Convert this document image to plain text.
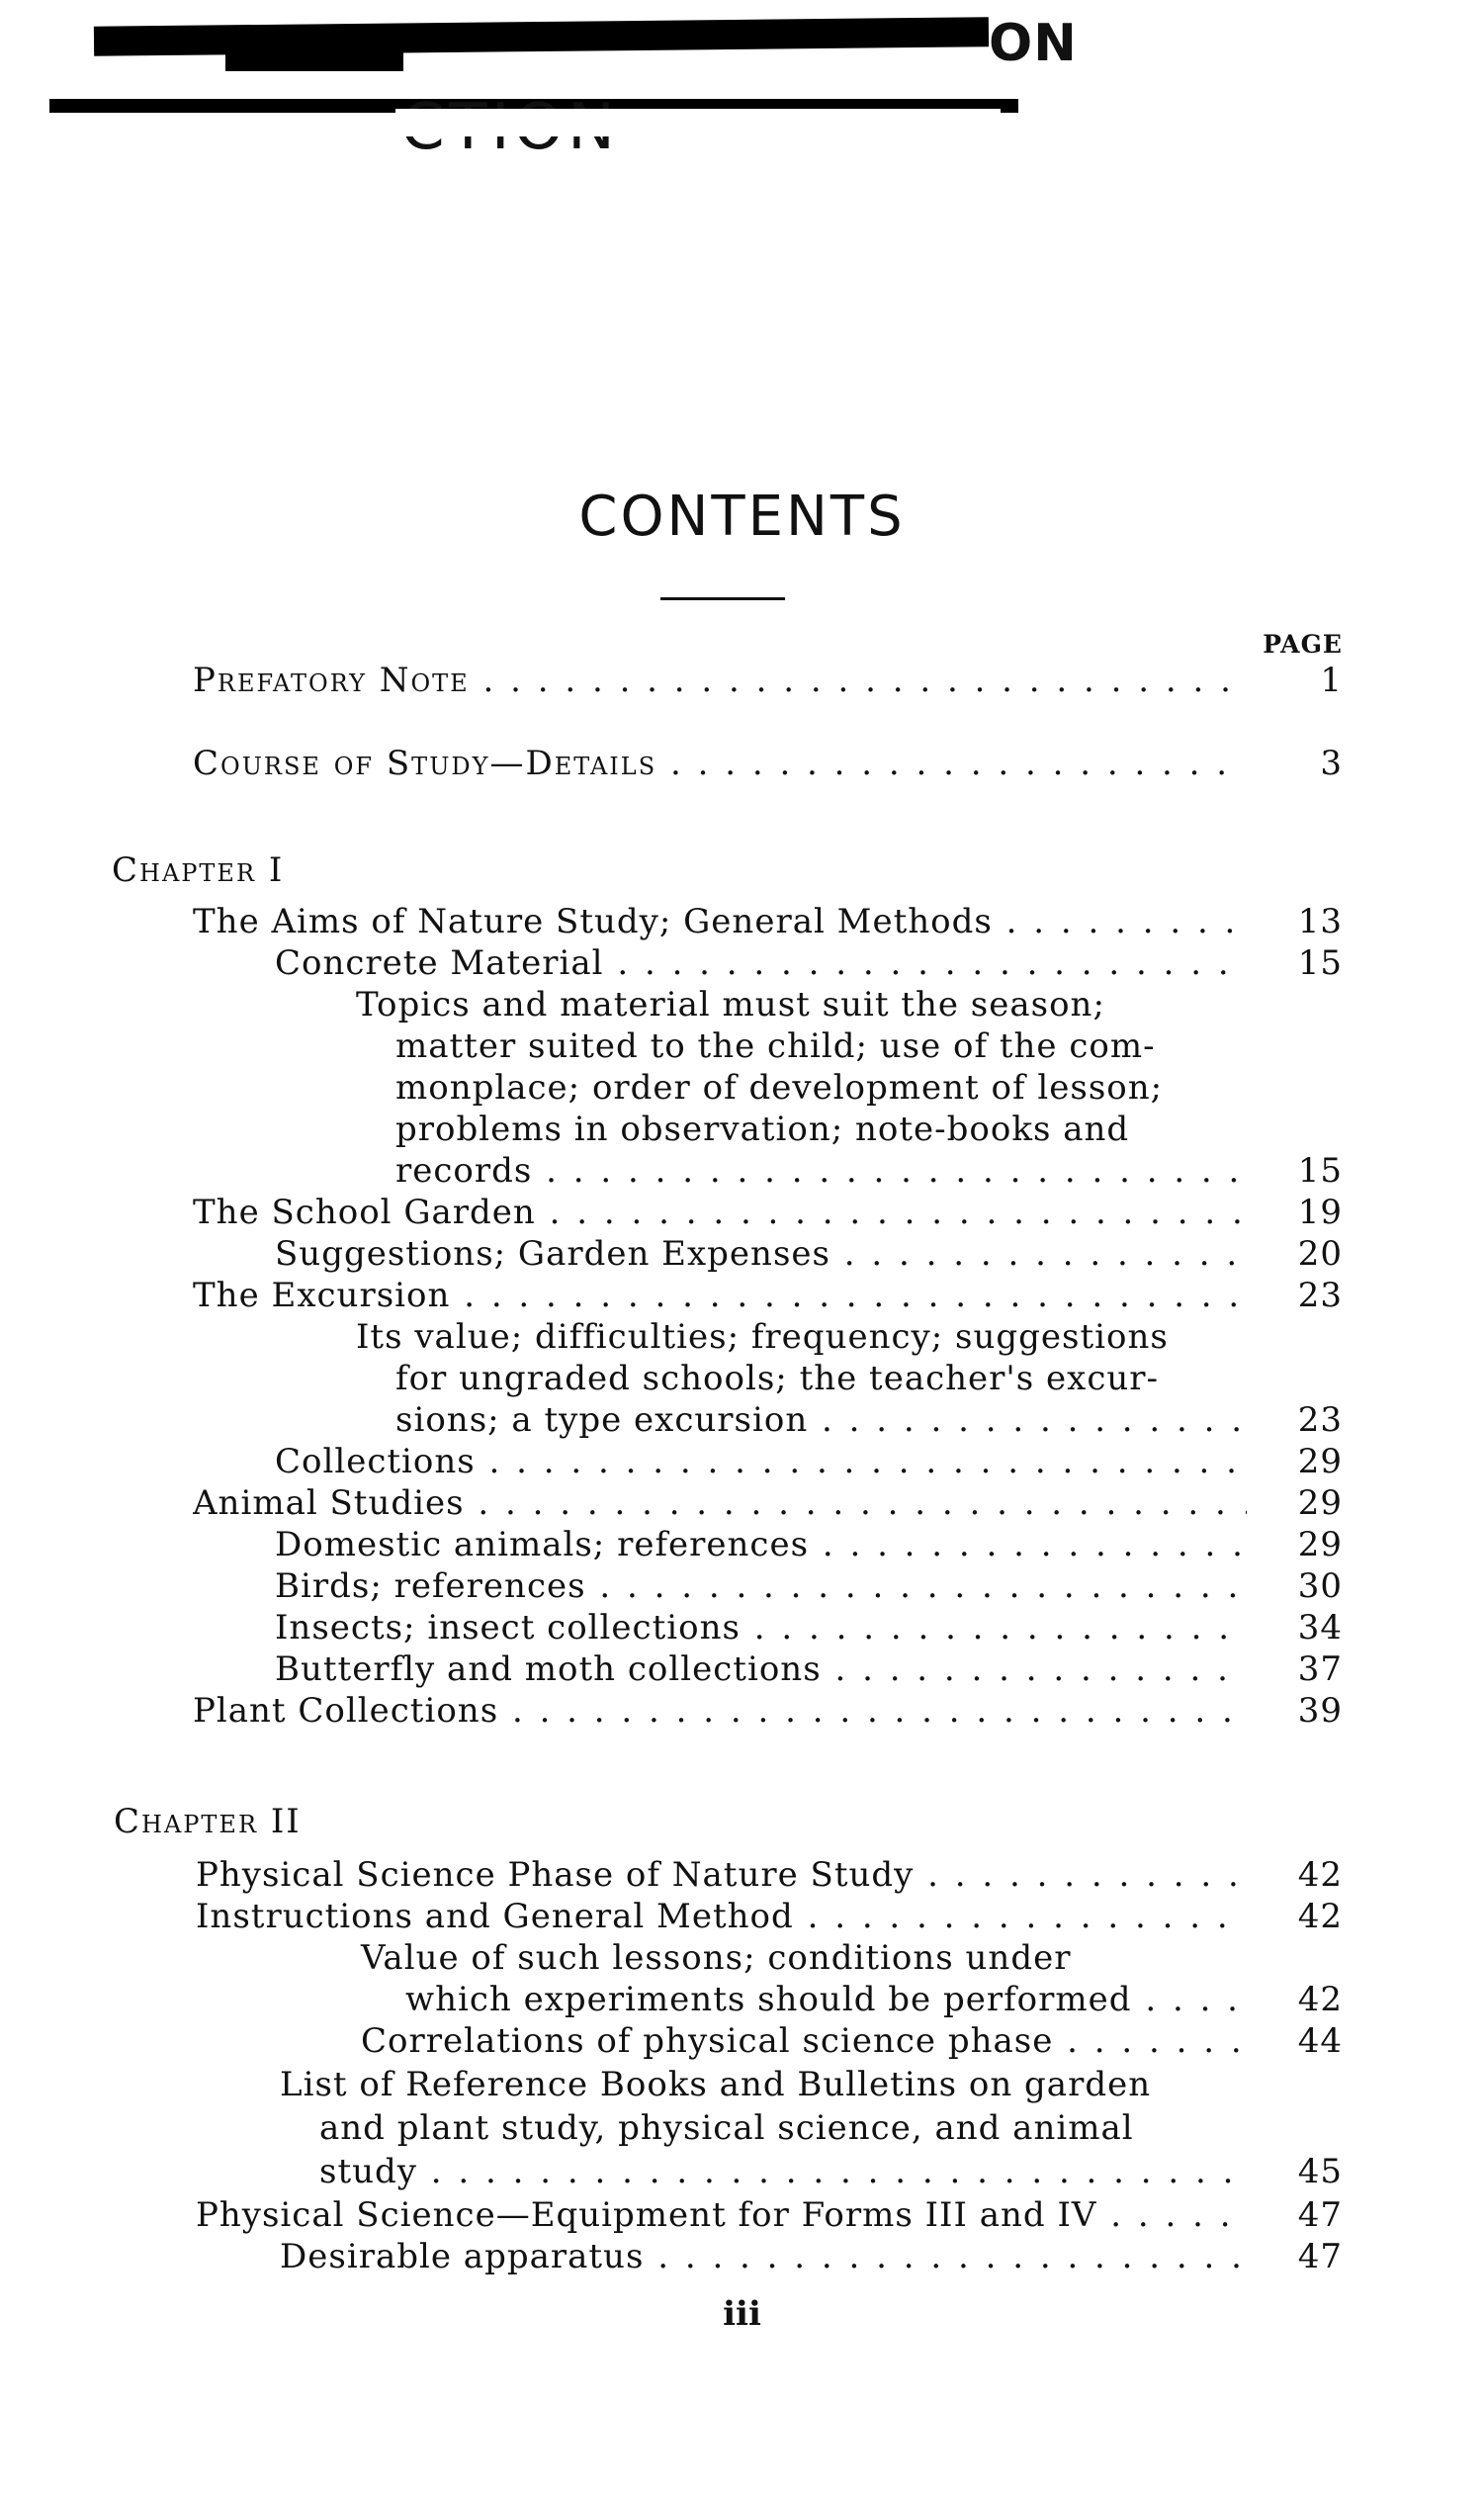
ON
CONTENTS
PAGE
Prefatory Note . . .	1
Course of Study—Details . . .	3
Chapter I
The Aims of Nature Study; General Methods . . .	13
Concrete Material . . .	15
Topics and material must suit the season;
matter suited to the child; use of the com-
monplace; order of development of lesson;
problems in observation; note-books and
records . . .	15
The School Garden . . .	19
Suggestions; Garden Expenses . . .	20
The Excursion . . .	23
Its value; difficulties; frequency; suggestions
for ungraded schools; the teacher's excur-
sions; a type excursion . . .	23
Collections . . .	29
Animal Studies . . .	29
Domestic animals; references . . .	29
Birds; references . . .	30
Insects; insect collections . . .	34
Butterfly and moth collections . . .	37
Plant Collections . . .	39
Chapter II
Physical Science Phase of Nature Study . . .	42
Instructions and General Method . . .	42
Value of such lessons; conditions under
which experiments should be performed . . .	42
Correlations of physical science phase . . .	44
List of Reference Books and Bulletins on garden
and plant study, physical science, and animal
study . . .	45
Physical Science—Equipment for Forms III and IV . . .	47
Desirable apparatus . . .	47
iii
